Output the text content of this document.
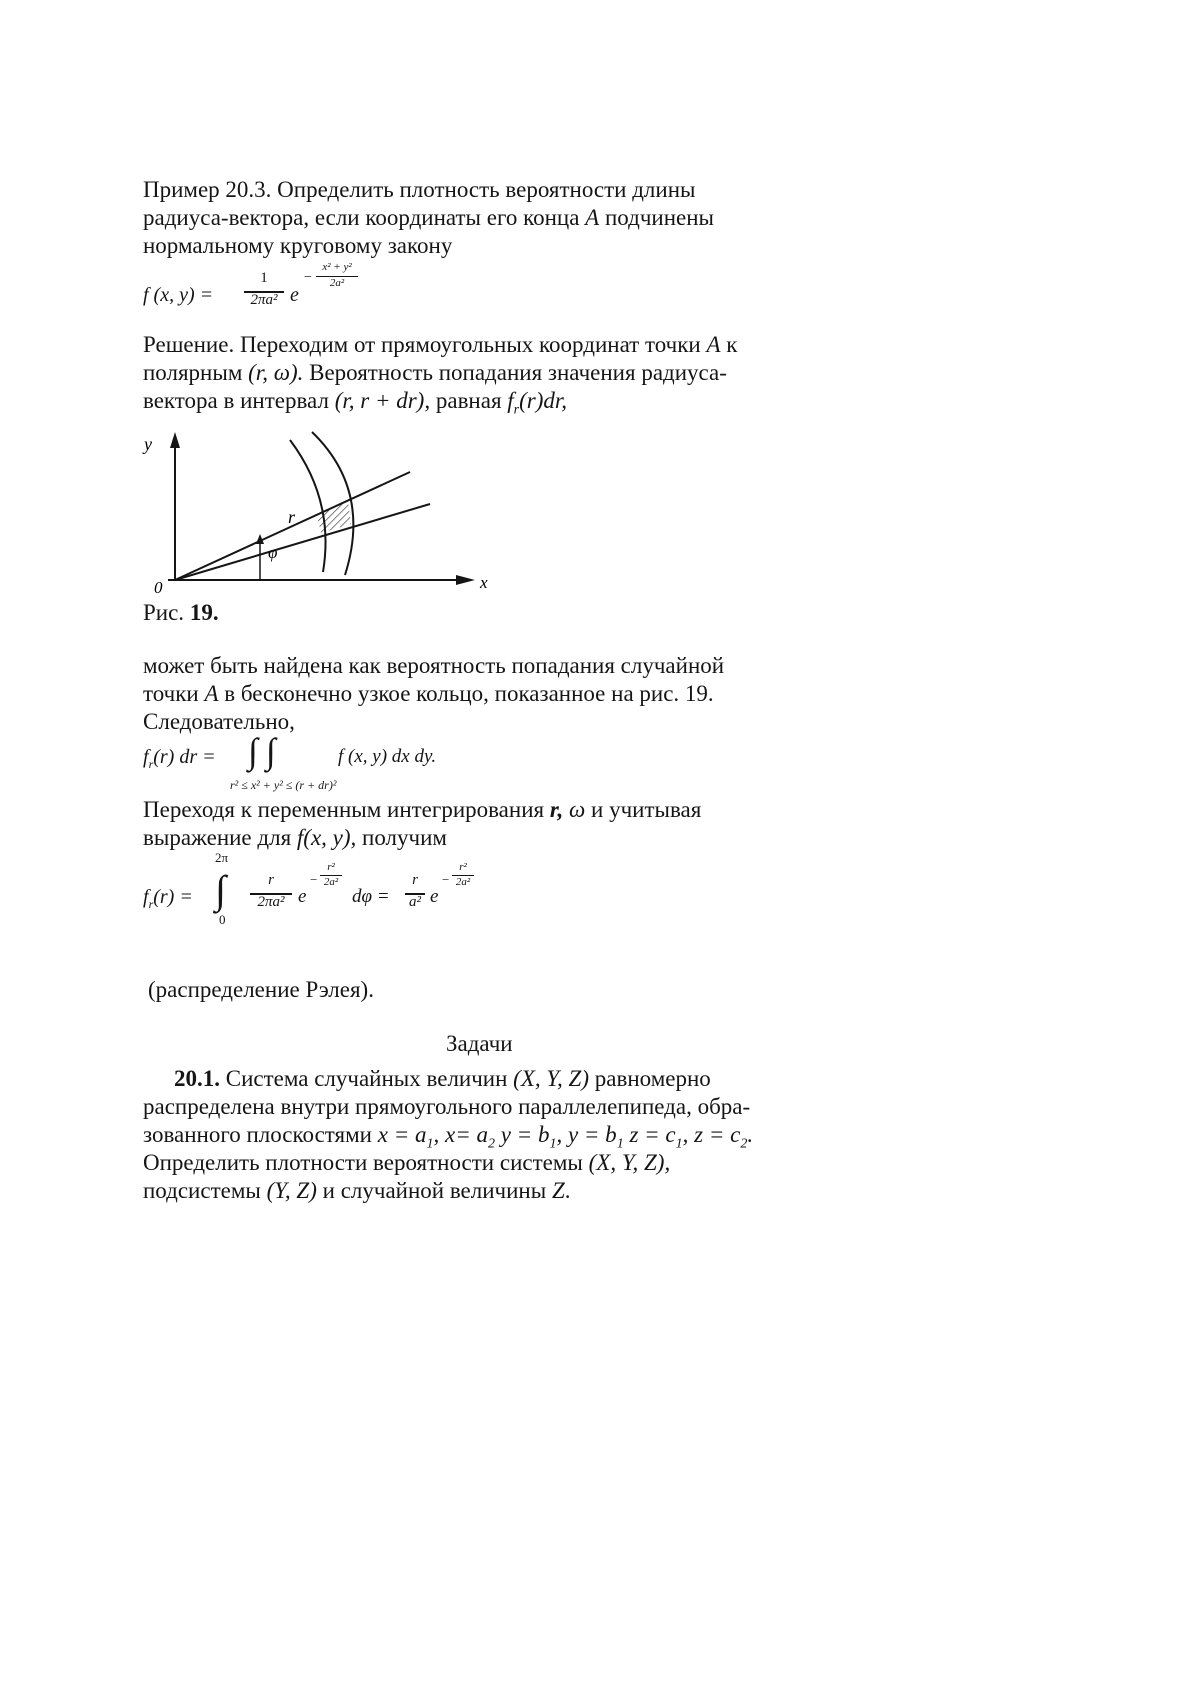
Пример 20.3. Определить плотность вероятности длины
радиуса-вектора, если координаты его конца A подчинены
нормальному круговому закону
f (x, y) =
1
2πa² e
−
x² + y²
2a²
Решение. Переходим от прямоугольных координат точки A к
полярным (r, ω). Вероятность попадания значения радиуса-
вектора в интервал (r, r + dr), равная $f_r(r)dr$,
φ
r
y
x
0
Рис. 19.
может быть найдена как вероятность попадания случайной
точки A в бесконечно узкое кольцо, показанное на рис. 19.
Следовательно,
$f_r(r)$ dr = ∫∫	f (x, y) dx dy.
r² ≤ x² + y² ≤ (r + dr)²
Переходя к переменным интегрирования r, ω и учитывая
выражение для f(x, y), получим
$f_r(r)$ = ∫
2π
0
r
2πa² e
−
r²
2a²
dφ =
r
a² e
−
r²
2a²
(распределение Рэлея).
Задачи
20.1. Система случайных величин (X, Y, Z) равномерно
распределена внутри прямоугольного параллелепипеда, обра-
зованного плоскостями $x = a_1$, $x= a_2$ $y = b_1$, $y = b_1$ $z = c_1$, $z = c_2$.
Определить плотности вероятности системы (X, Y, Z),
подсистемы (Y, Z) и случайной величины Z.
